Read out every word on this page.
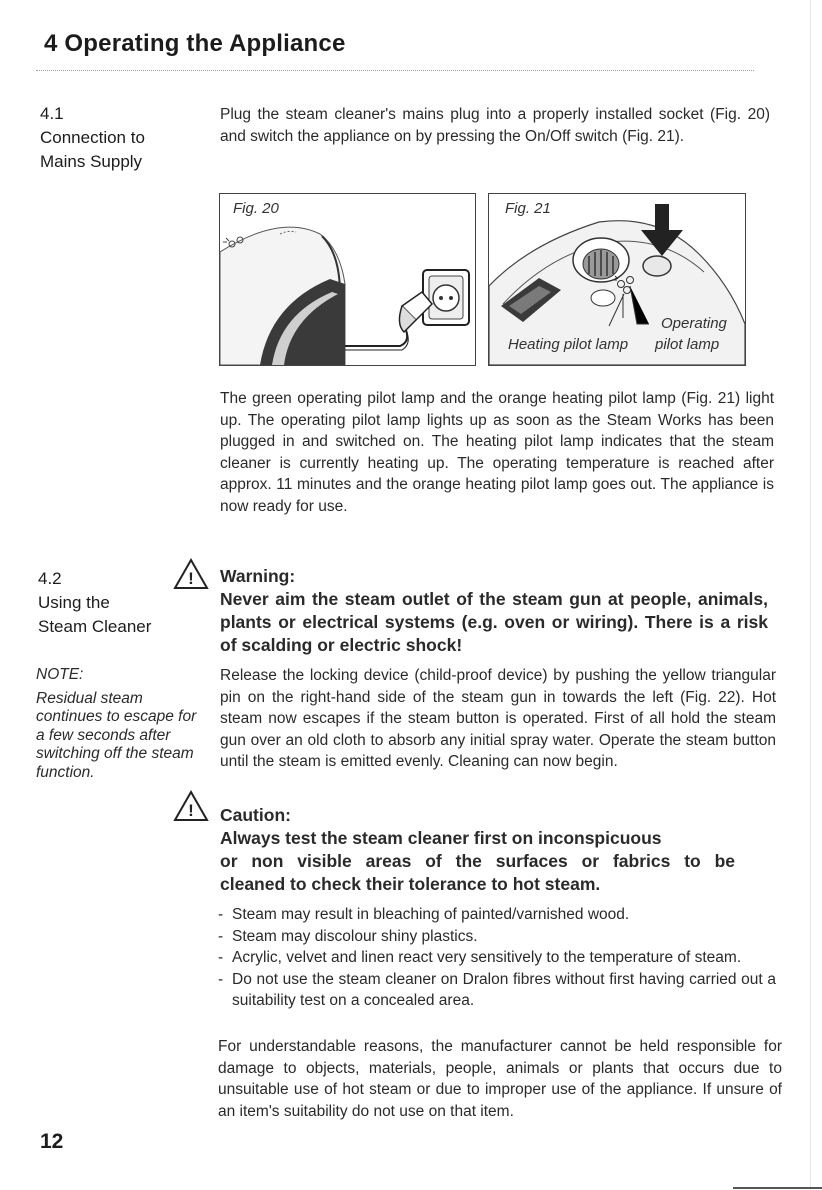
4 Operating the Appliance
4.1
Connection to
Mains Supply

Plug the steam cleaner's mains plug into a properly installed socket (Fig. 20) and switch the appliance on by pressing the On/Off switch (Fig. 21).

Fig. 20	Fig. 21
Operating
Heating pilot lamp pilot lamp

The green operating pilot lamp and the orange heating pilot lamp (Fig. 21) light up. The operating pilot lamp lights up as soon as the Steam Works has been plugged in and switched on. The heating pilot lamp indicates that the steam cleaner is currently heating up. The operating temperature is reached after approx. 11 minutes and the orange heating pilot lamp goes out. The appliance is now ready for use.

4.2
Using the
Steam Cleaner
! Warning:

Never aim the steam outlet of the steam gun at people, animals, plants or electrical systems (e.g. oven or wiring). There is a risk of scalding or electric shock!

NOTE:
Residual steam continues to escape for a few seconds after switching off the steam function.

Release the locking device (child-proof device) by pushing the yellow triangular pin on the right-hand side of the steam gun in towards the left (Fig. 22). Hot steam now escapes if the steam button is operated. First of all hold the steam gun over an old cloth to absorb any initial spray water. Operate the steam button until the steam is emitted evenly. Cleaning can now begin.

! Caution:
Always test the steam cleaner first on inconspicuous
or non visible areas of the surfaces or fabrics to be
cleaned to check their tolerance to hot steam.
- Steam may result in bleaching of painted/varnished wood.
- Steam may discolour shiny plastics.
- Acrylic, velvet and linen react very sensitively to the temperature of steam.
- Do not use the steam cleaner on Dralon fibres without first having carried out a suitability test on a concealed area.

For understandable reasons, the manufacturer cannot be held responsible for damage to objects, materials, people, animals or plants that occurs due to unsuitable use of hot steam or due to improper use of the appliance. If unsure of an item's suitability do not use on that item.

12
